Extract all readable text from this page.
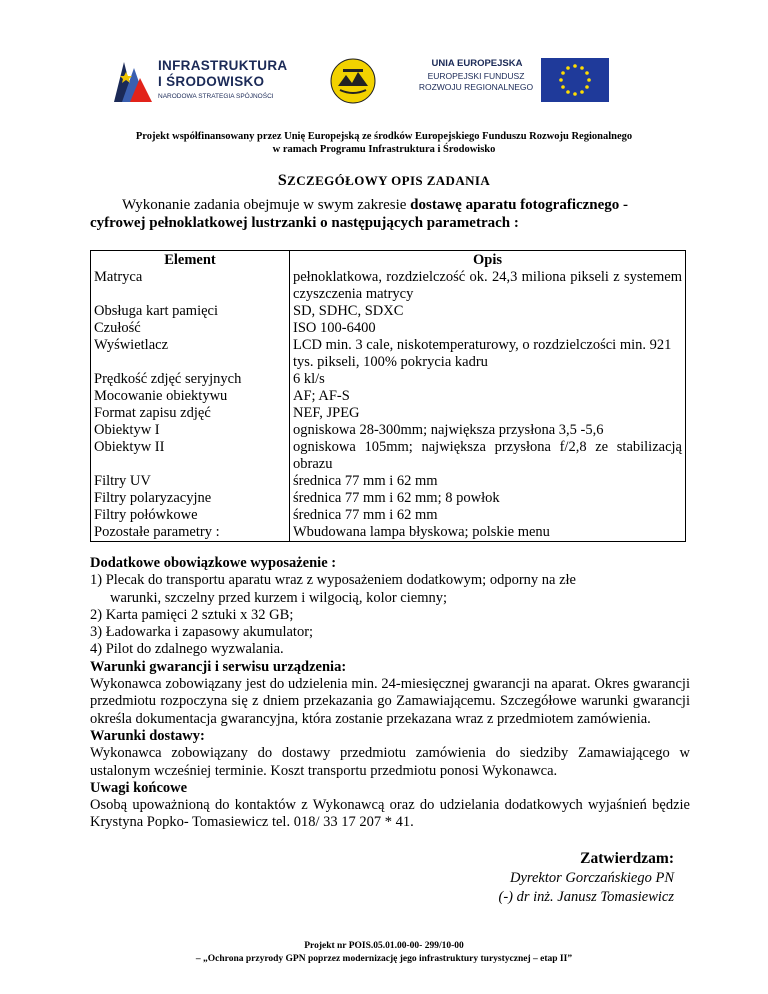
INFRASTRUKTURA
I ŚRODOWISKO
NARODOWA STRATEGIA SPÓJNOŚCI
UNIA EUROPEJSKA
EUROPEJSKI FUNDUSZ
ROZWOJU REGIONALNEGO
Projekt współfinansowany przez Unię Europejską ze środków Europejskiego Funduszu Rozwoju Regionalnego
w ramach Programu Infrastruktura i Środowisko
SZCZEGÓŁOWY OPIS ZADANIA
Wykonanie zadania obejmuje w swym zakresie dostawę aparatu fotograficznego -
cyfrowej pełnoklatkowej lustrzanki o następujących parametrach :
Element	Opis
Matryca	pełnoklatkowa, rozdzielczość ok. 24,3 miliona pikseli z systemem czyszczenia matrycy
Obsługa kart pamięci	SD, SDHC, SDXC
Czułość	ISO 100-6400
Wyświetlacz	LCD min. 3 cale, niskotemperaturowy, o rozdzielczości min. 921 tys. pikseli, 100% pokrycia kadru
Prędkość zdjęć seryjnych	6 kl/s
Mocowanie obiektywu	AF; AF-S
Format zapisu zdjęć	NEF, JPEG
Obiektyw I	ogniskowa 28-300mm; największa przysłona 3,5 -5,6
Obiektyw II	ogniskowa 105mm; największa przysłona f/2,8 ze stabilizacją obrazu
Filtry UV	średnica 77 mm i 62 mm
Filtry polaryzacyjne	średnica 77 mm i 62 mm; 8 powłok
Filtry połówkowe	średnica 77 mm i 62 mm
Pozostałe parametry :	Wbudowana lampa błyskowa; polskie menu

Dodatkowe obowiązkowe wyposażenie :

1) Plecak do transportu aparatu wraz z wyposażeniem dodatkowym; odporny na złe

warunki, szczelny przed kurzem i wilgocią, kolor ciemny;

2) Karta pamięci 2 sztuki x 32 GB;

3) Ładowarka i zapasowy akumulator;

4) Pilot do zdalnego wyzwalania.

Warunki gwarancji i serwisu urządzenia:

Wykonawca zobowiązany jest do udzielenia min. 24-miesięcznej gwarancji na aparat. Okres gwarancji przedmiotu rozpoczyna się z dniem przekazania go Zamawiającemu. Szczegółowe warunki gwarancji określa dokumentacja gwarancyjna, która zostanie przekazana wraz z przedmiotem zamówienia.

Warunki dostawy:

Wykonawca zobowiązany do dostawy przedmiotu zamówienia do siedziby Zamawiającego w ustalonym wcześniej terminie. Koszt transportu przedmiotu ponosi Wykonawca.

Uwagi końcowe

Osobą upoważnioną do kontaktów z Wykonawcą oraz do udzielania dodatkowych wyjaśnień będzie Krystyna Popko- Tomasiewicz tel. 018/ 33 17 207 * 41.

Zatwierdzam:
Dyrektor Gorczańskiego PN
(-) dr inż. Janusz Tomasiewicz
Projekt nr POIS.05.01.00-00- 299/10-00
– „Ochrona przyrody GPN poprzez modernizację jego infrastruktury turystycznej – etap II”
